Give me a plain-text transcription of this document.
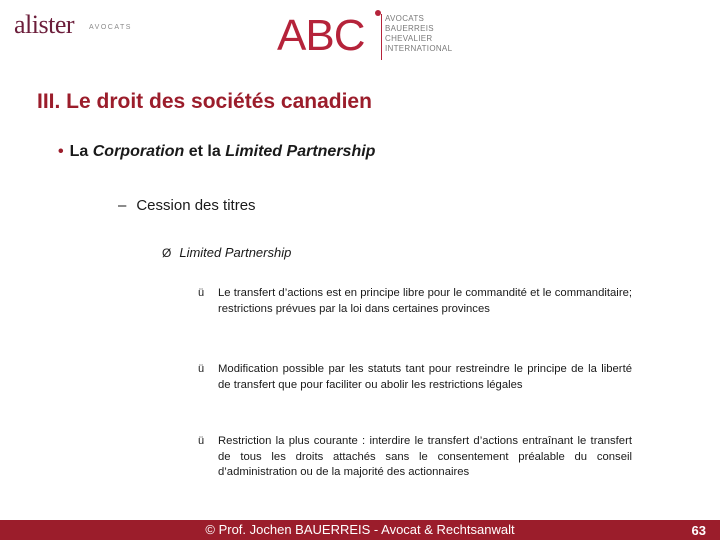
alister AVOCATS	ABC	AVOCATS
BAUERREIS
CHEVALIER
INTERNATIONAL
III. Le droit des sociétés canadien
• La Corporation et la Limited Partnership
– Cession des titres
Ø Limited Partnership
ü Le transfert d’actions est en principe libre pour le commandité et le commanditaire; restrictions prévues par la loi dans certaines provinces
ü Modification possible par les statuts tant pour restreindre le principe de la liberté de transfert que pour faciliter ou abolir les restrictions légales
ü Restriction la plus courante : interdire le transfert d’actions entraînant le transfert de tous les droits attachés sans le consentement préalable du conseil d’administration ou de la majorité des actionnaires
© Prof. Jochen BAUERREIS - Avocat & Rechtsanwalt	63
